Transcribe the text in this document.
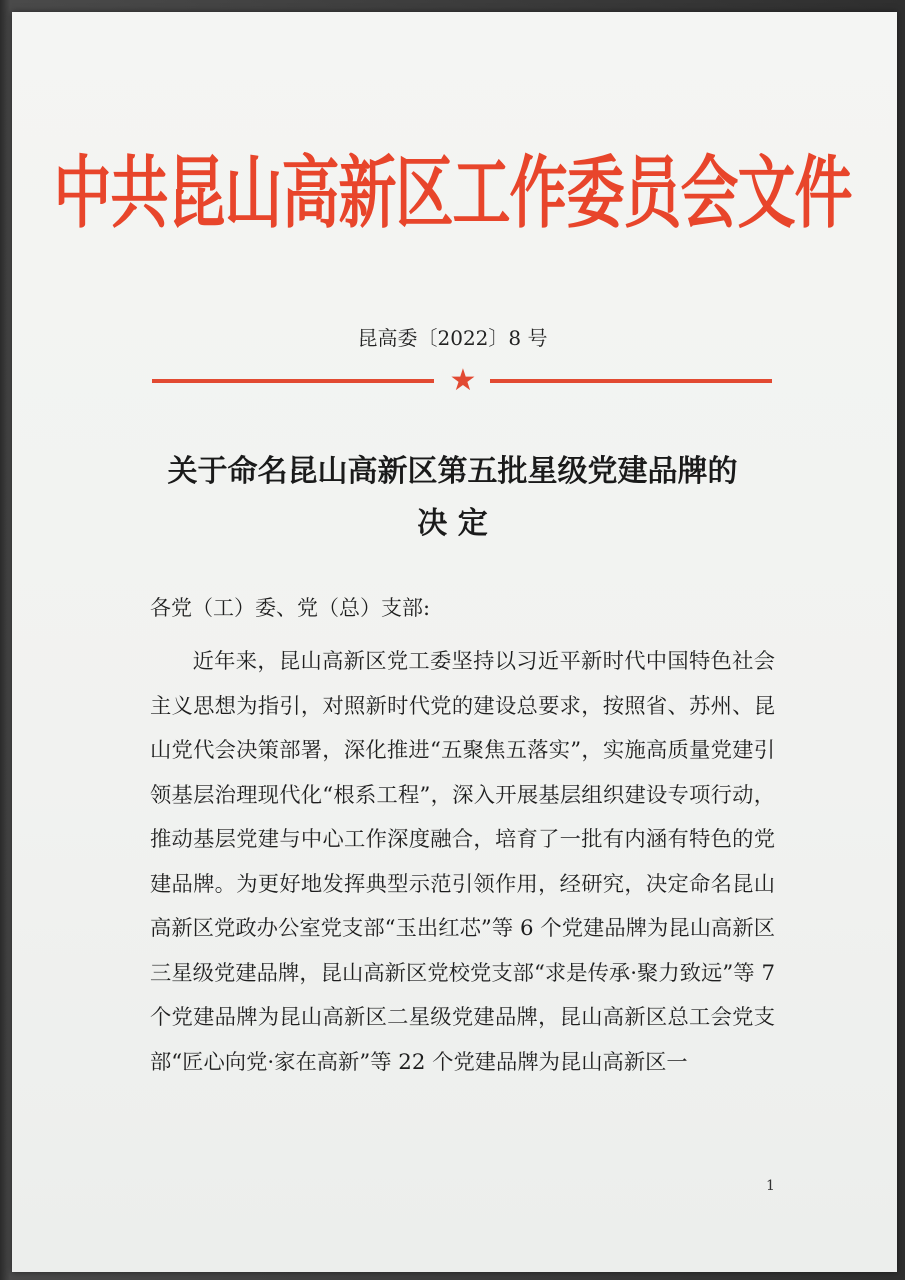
中共昆山高新区工作委员会文件
昆高委〔2022〕8 号
★
关于命名昆山高新区第五批星级党建品牌的
决 定
各党（工）委、党（总）支部:
近年来，昆山高新区党工委坚持以习近平新时代中国特色社会主义思想为指引，对照新时代党的建设总要求，按照省、苏州、昆山党代会决策部署，深化推进“五聚焦五落实”，实施高质量党建引领基层治理现代化“根系工程”，深入开展基层组织建设专项行动，推动基层党建与中心工作深度融合，培育了一批有内涵有特色的党建品牌。为更好地发挥典型示范引领作用，经研究，决定命名昆山高新区党政办公室党支部“玉出红芯”等 6 个党建品牌为昆山高新区三星级党建品牌，昆山高新区党校党支部“求是传承·聚力致远”等 7 个党建品牌为昆山高新区二星级党建品牌，昆山高新区总工会党支部“匠心向党·家在高新”等 22 个党建品牌为昆山高新区一
1
